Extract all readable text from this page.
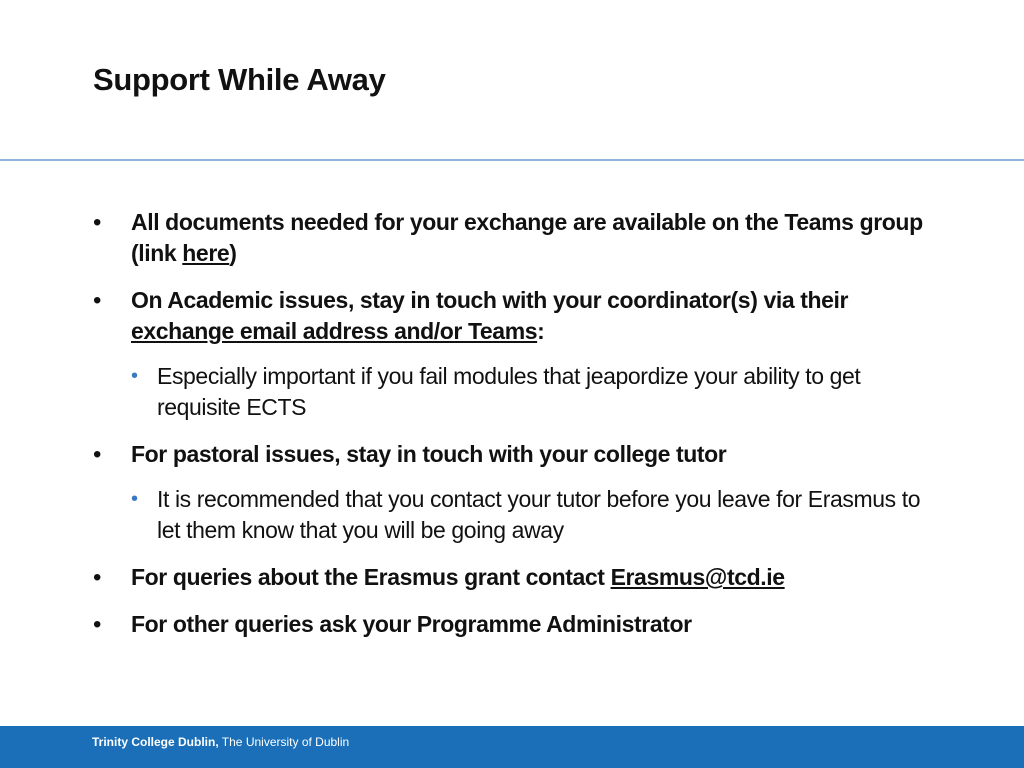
Support While Away
• All documents needed for your exchange are available on the Teams group (link here)
• On Academic issues, stay in touch with your coordinator(s) via their exchange email address and/or Teams:
• Especially important if you fail modules that jeapordize your ability to get requisite ECTS
• For pastoral issues, stay in touch with your college tutor
• It is recommended that you contact your tutor before you leave for Erasmus to let them know that you will be going away
• For queries about the Erasmus grant contact Erasmus@tcd.ie
• For other queries ask your Programme Administrator
Trinity College Dublin, The University of Dublin
